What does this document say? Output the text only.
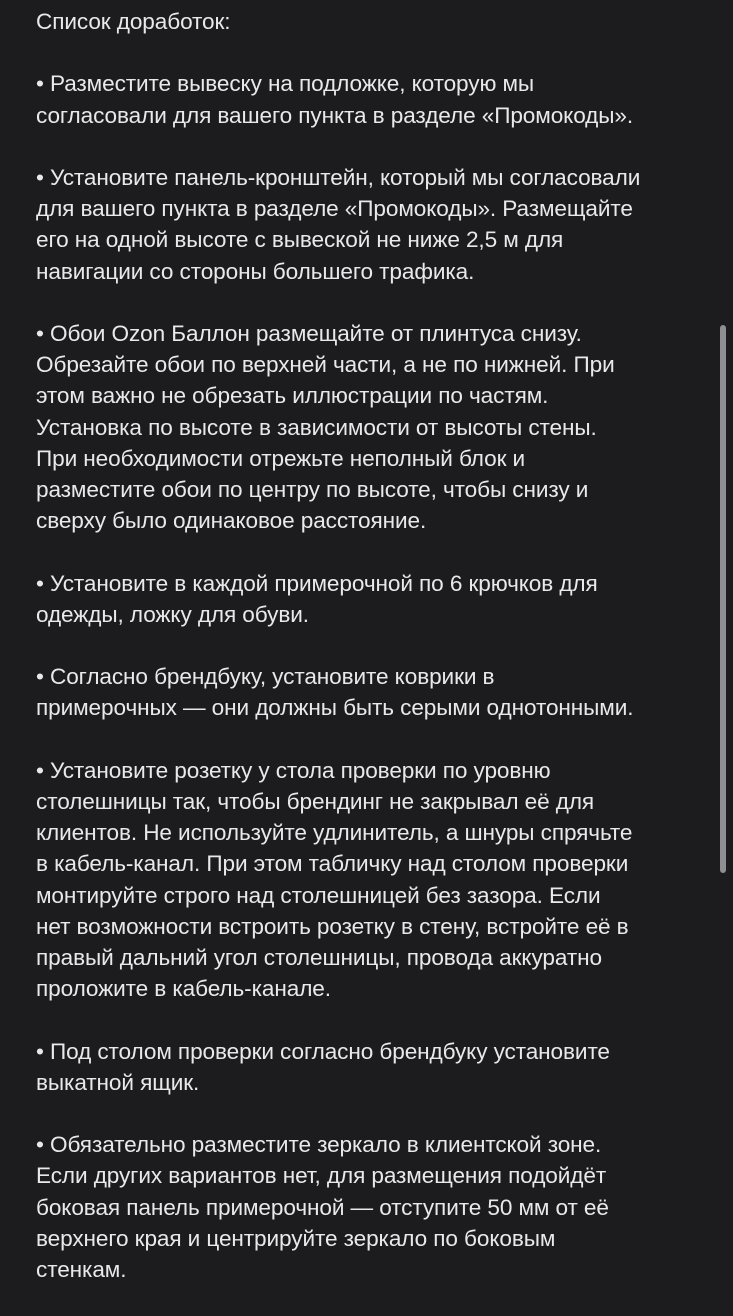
Список доработок:

• Разместите вывеску на подложке, которую мы
согласовали для вашего пункта в разделе «Промокоды».

• Установите панель-кронштейн, который мы согласовали
для вашего пункта в разделе «Промокоды». Размещайте
его на одной высоте с вывеской не ниже 2,5 м для
навигации со стороны большего трафика.

• Обои Ozon Баллон размещайте от плинтуса снизу.
Обрезайте обои по верхней части, а не по нижней. При
этом важно не обрезать иллюстрации по частям.
Установка по высоте в зависимости от высоты стены.
При необходимости отрежьте неполный блок и
разместите обои по центру по высоте, чтобы снизу и
сверху было одинаковое расстояние.

• Установите в каждой примерочной по 6 крючков для
одежды, ложку для обуви.

• Согласно брендбуку, установите коврики в
примерочных — они должны быть серыми однотонными.

• Установите розетку у стола проверки по уровню
столешницы так, чтобы брендинг не закрывал её для
клиентов. Не используйте удлинитель, а шнуры спрячьте
в кабель-канал. При этом табличку над столом проверки
монтируйте строго над столешницей без зазора. Если
нет возможности встроить розетку в стену, встройте её в
правый дальний угол столешницы, провода аккуратно
проложите в кабель-канале.

• Под столом проверки согласно брендбуку установите
выкатной ящик.

• Обязательно разместите зеркало в клиентской зоне.
Если других вариантов нет, для размещения подойдёт
боковая панель примерочной — отступите 50 мм от её
верхнего края и центрируйте зеркало по боковым
стенкам.
